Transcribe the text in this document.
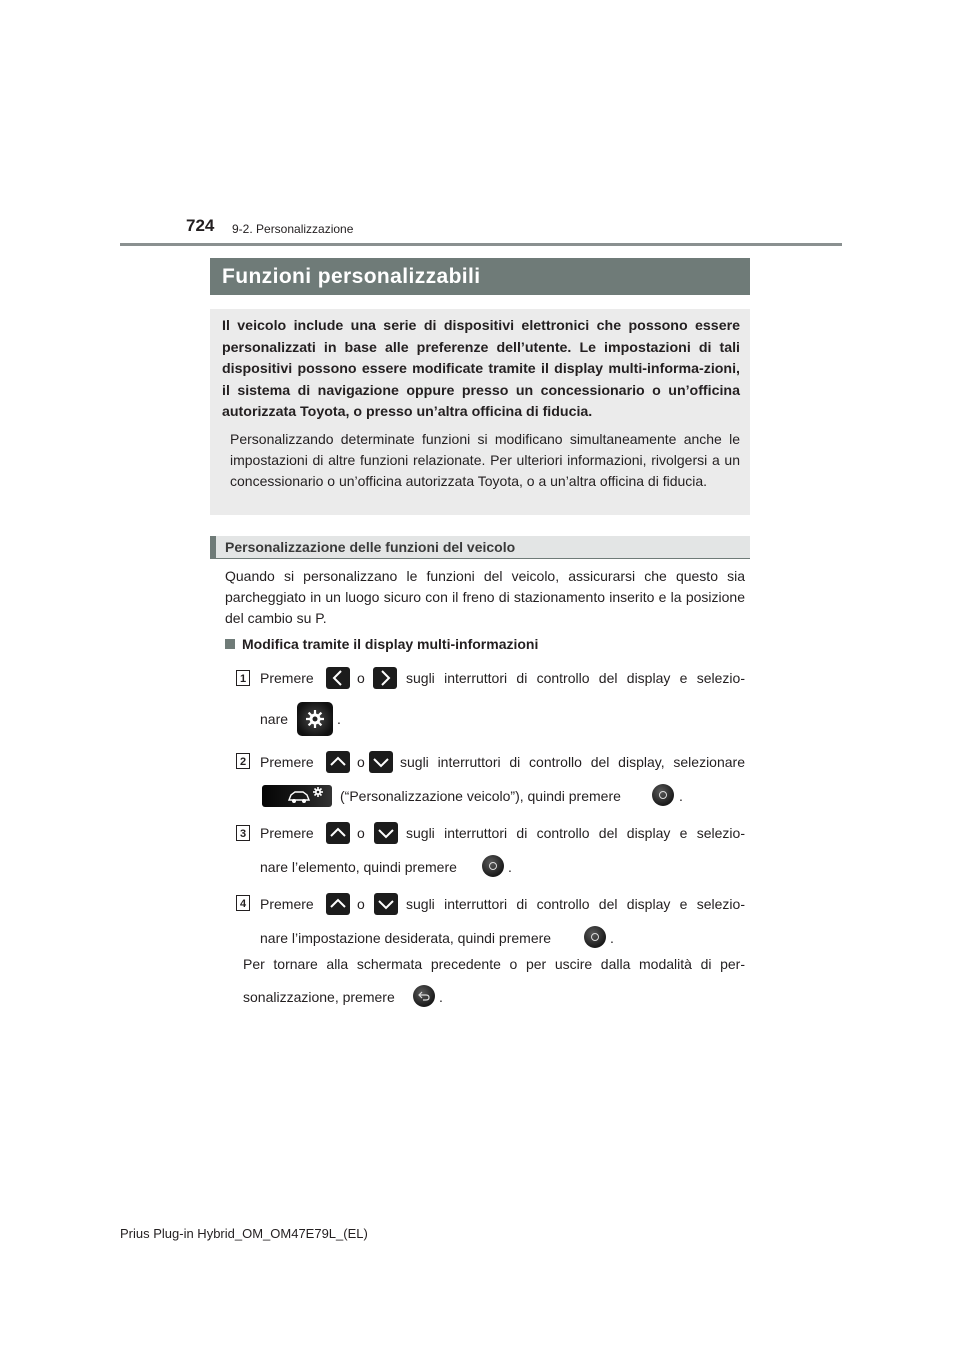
724 9-2. Personalizzazione
Funzioni personalizzabili

Il veicolo include una serie di dispositivi elettronici che possono essere personalizzati in base alle preferenze dell’utente. Le impostazioni di tali dispositivi possono essere modificate tramite il display multi-informa-zioni, il sistema di navigazione oppure presso un concessionario o un’officina autorizzata Toyota, o presso un’altra officina di fiducia.

Personalizzando determinate funzioni si modificano simultaneamente anche le impostazioni di altre funzioni relazionate. Per ulteriori informazioni, rivolgersi a un concessionario o un’officina autorizzata Toyota, o a un’altra officina di fiducia.

Personalizzazione delle funzioni del veicolo

Quando si personalizzano le funzioni del veicolo, assicurarsi che questo sia parcheggiato in un luogo sicuro con il freno di stazionamento inserito e la posizione del cambio su P.

Modifica tramite il display multi-informazioni
1 Premere	o	sugli interruttori di controllo del display e selezio-
nare	.
2 Premere	o	sugli interruttori di controllo del display, selezionare
(“Personalizzazione veicolo”), quindi premere	.
3 Premere	o	sugli interruttori di controllo del display e selezio-
nare l’elemento, quindi premere	.
4 Premere	o	sugli interruttori di controllo del display e selezio-
nare l’impostazione desiderata, quindi premere	.
Per tornare alla schermata precedente o per uscire dalla modalità di per-
sonalizzazione, premere	.
Prius Plug-in Hybrid_OM_OM47E79L_(EL)
